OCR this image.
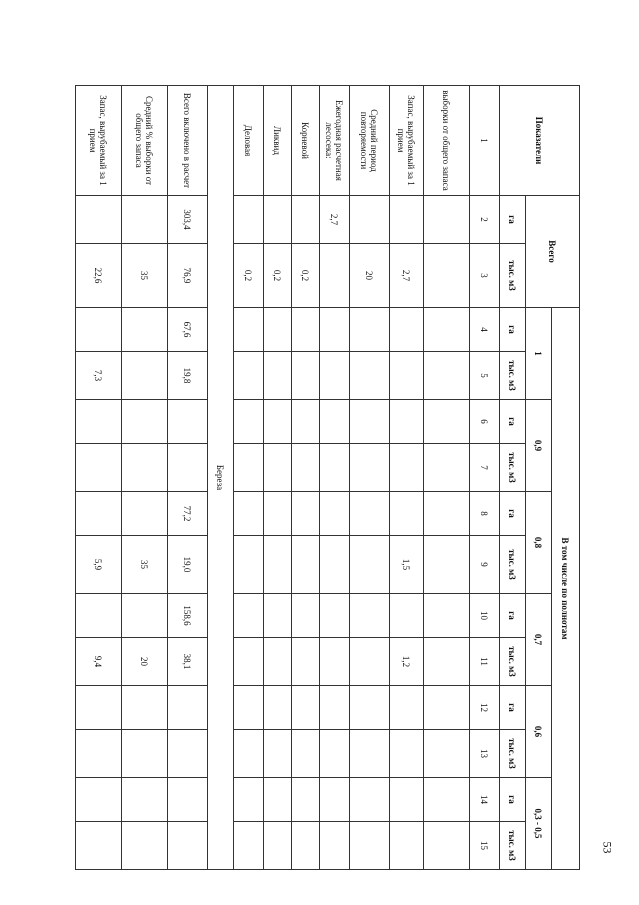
53
Показатели	Всего		В том числе по полнотам											
			1		0,9		0,8		0,7		0,6		0,3 - 0,5	
	га	тыс. м3	га	тыс. м3	га	тыс. м3	га	тыс. м3	га	тыс. м3	га	тыс. м3	га	тыс. м3
1	2	3	4	5	6	7	8	9	10	11	12	13	14	15
выборки от общего запаса														
Запас, вырубаемый за 1 прием		2,7						1,5		1,2				
Средний период повторяемости		20												
Ежегодная расчетная лесосека:	2,7													
Корневой		0,2												
Ликвид		0,2												
Деловая		0,2												
Береза														
Всего включено в расчет	303,4	76,9	67,6	19,8			77,2	19,0	158,6	38,1				
Средний % выборки от общего запаса		35						35		20				
Запас, вырубаемый за 1 прием		22,6		7,3				5,9		9,4				
